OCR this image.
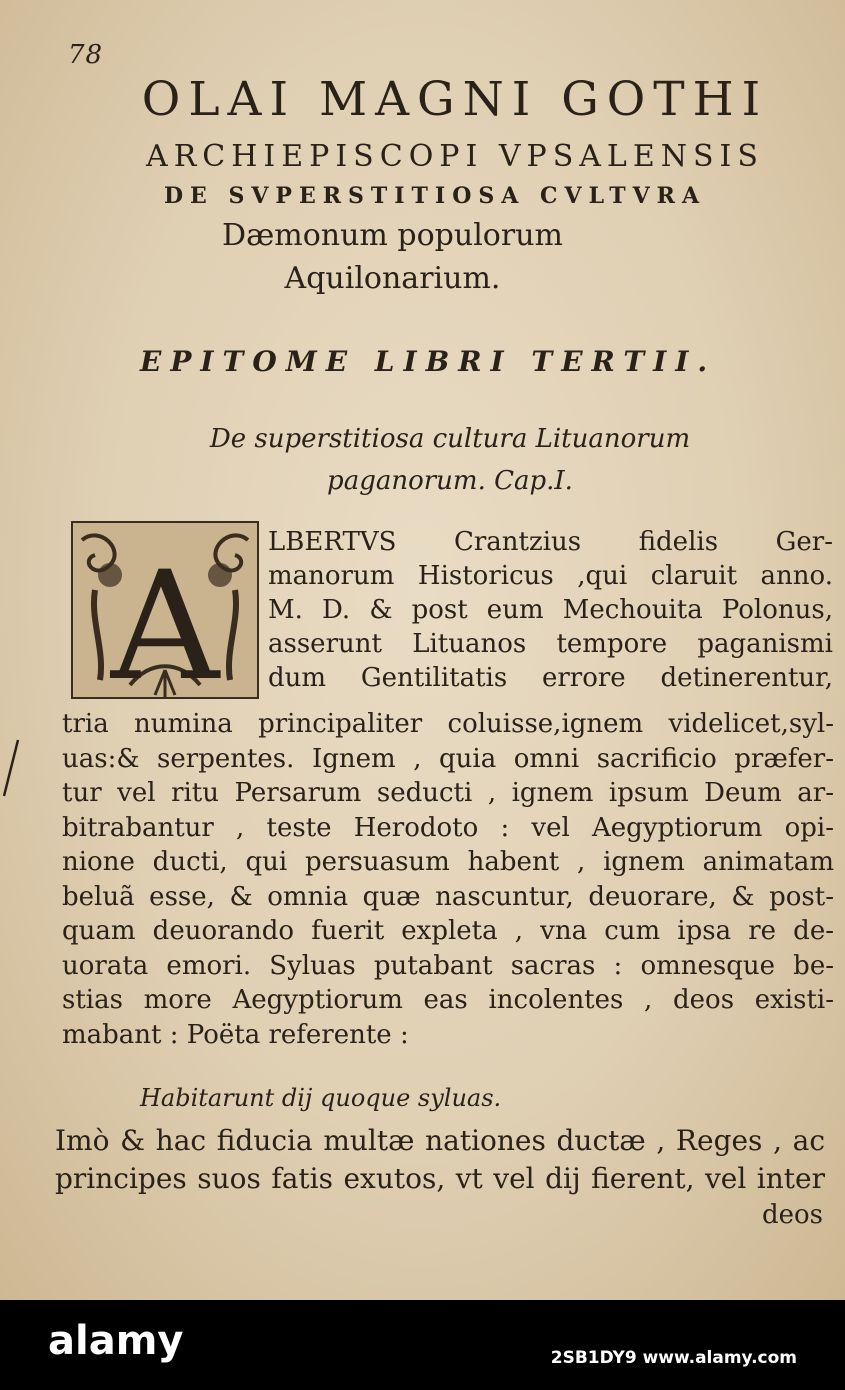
78
OLAI MAGNI GOTHI
ARCHIEPISCOPI VPSALENSIS
DE SVPERSTITIOSA CVLTVRA
Dæmonum populorum
Aquilonarium.
EPITOME LIBRI TERTII.
De superstitiosa cultura Lituanorum
paganorum. Cap.I.
A LBERTVS Crantzius fidelis Ger-
manorum Historicus ,qui claruit anno.
M. D. & post eum Mechouita Polonus,
asserunt Lituanos tempore paganismi
dum Gentilitatis errore detinerentur,
tria numina principaliter coluisse,ignem videlicet,syl-
uas:& serpentes. Ignem , quia omni sacrificio præfer-
tur vel ritu Persarum seducti , ignem ipsum Deum ar-
bitrabantur , teste Herodoto : vel Aegyptiorum opi-
nione ducti, qui persuasum habent , ignem animatam
beluã esse, & omnia quæ nascuntur, deuorare, & post-
quam deuorando fuerit expleta , vna cum ipsa re de-
uorata emori. Syluas putabant sacras : omnesque be-
stias more Aegyptiorum eas incolentes , deos existi-
mabant : Poëta referente :
Habitarunt dij quoque syluas.
Imò & hac fiducia multæ nationes ductæ , Reges , ac
principes suos fatis exutos, vt vel dij fierent, vel inter
deos
alamy	2SB1DY9 www.alamy.com
